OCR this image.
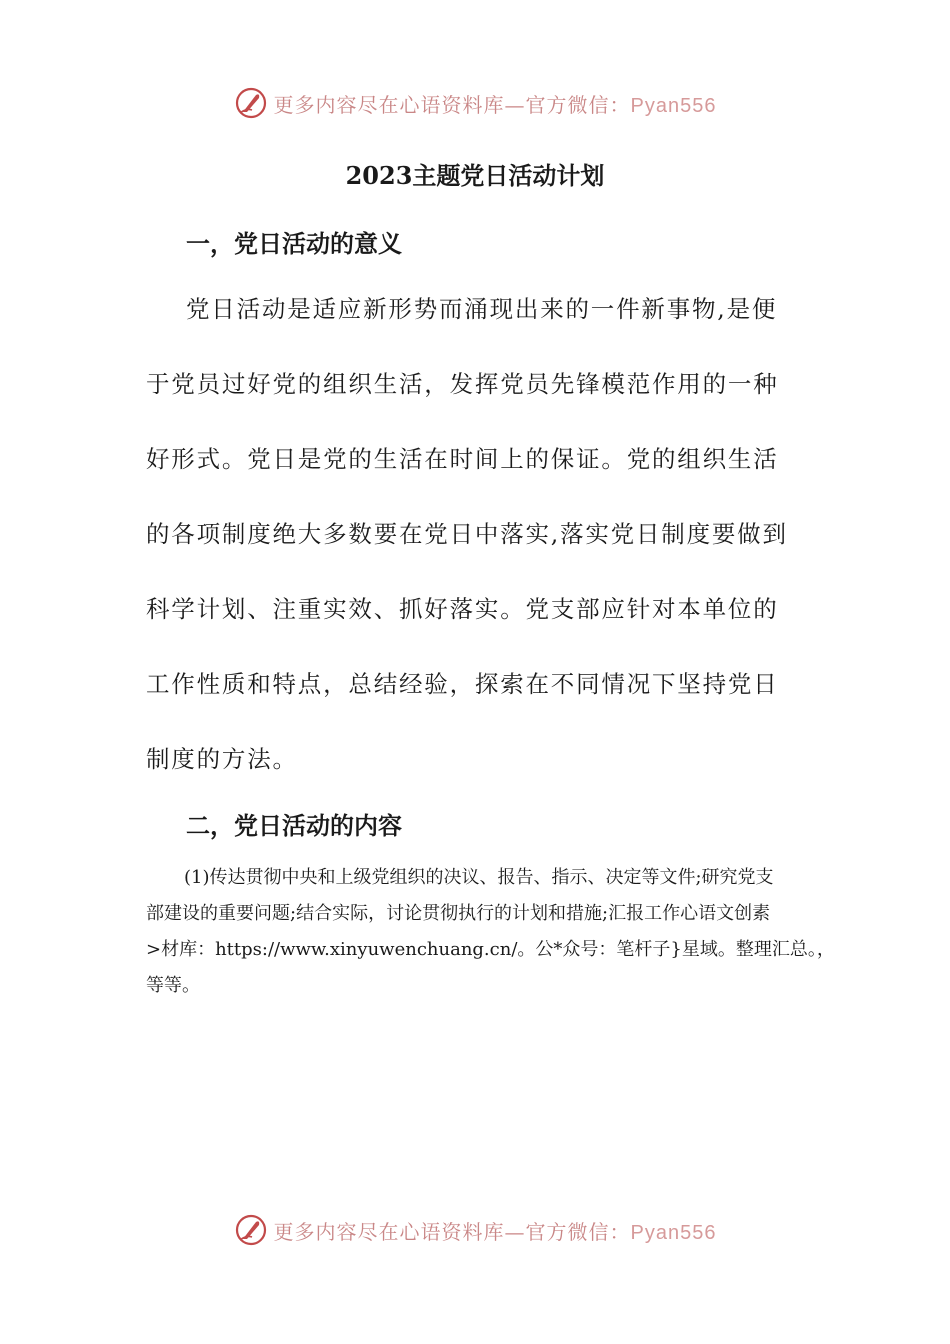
更多内容尽在心语资料库—官方微信：Pyan556
2023主题党日活动计划
一，党日活动的意义
党日活动是适应新形势而涌现出来的一件新事物,是便
于党员过好党的组织生活，发挥党员先锋模范作用的一种
好形式。党日是党的生活在时间上的保证。党的组织生活
的各项制度绝大多数要在党日中落实,落实党日制度要做到
科学计划、注重实效、抓好落实。党支部应针对本单位的
工作性质和特点，总结经验，探索在不同情况下坚持党日
制度的方法。
二，党日活动的内容
(1)传达贯彻中央和上级党组织的决议、报告、指示、决定等文件;研究党支
部建设的重要问题;结合实际，讨论贯彻执行的计划和措施;汇报工作心语文创素
>材库：https://www.xinyuwenchuang.cn/。公*众号：笔杆子}星域。整理汇总。，
等等。
更多内容尽在心语资料库—官方微信：Pyan556
